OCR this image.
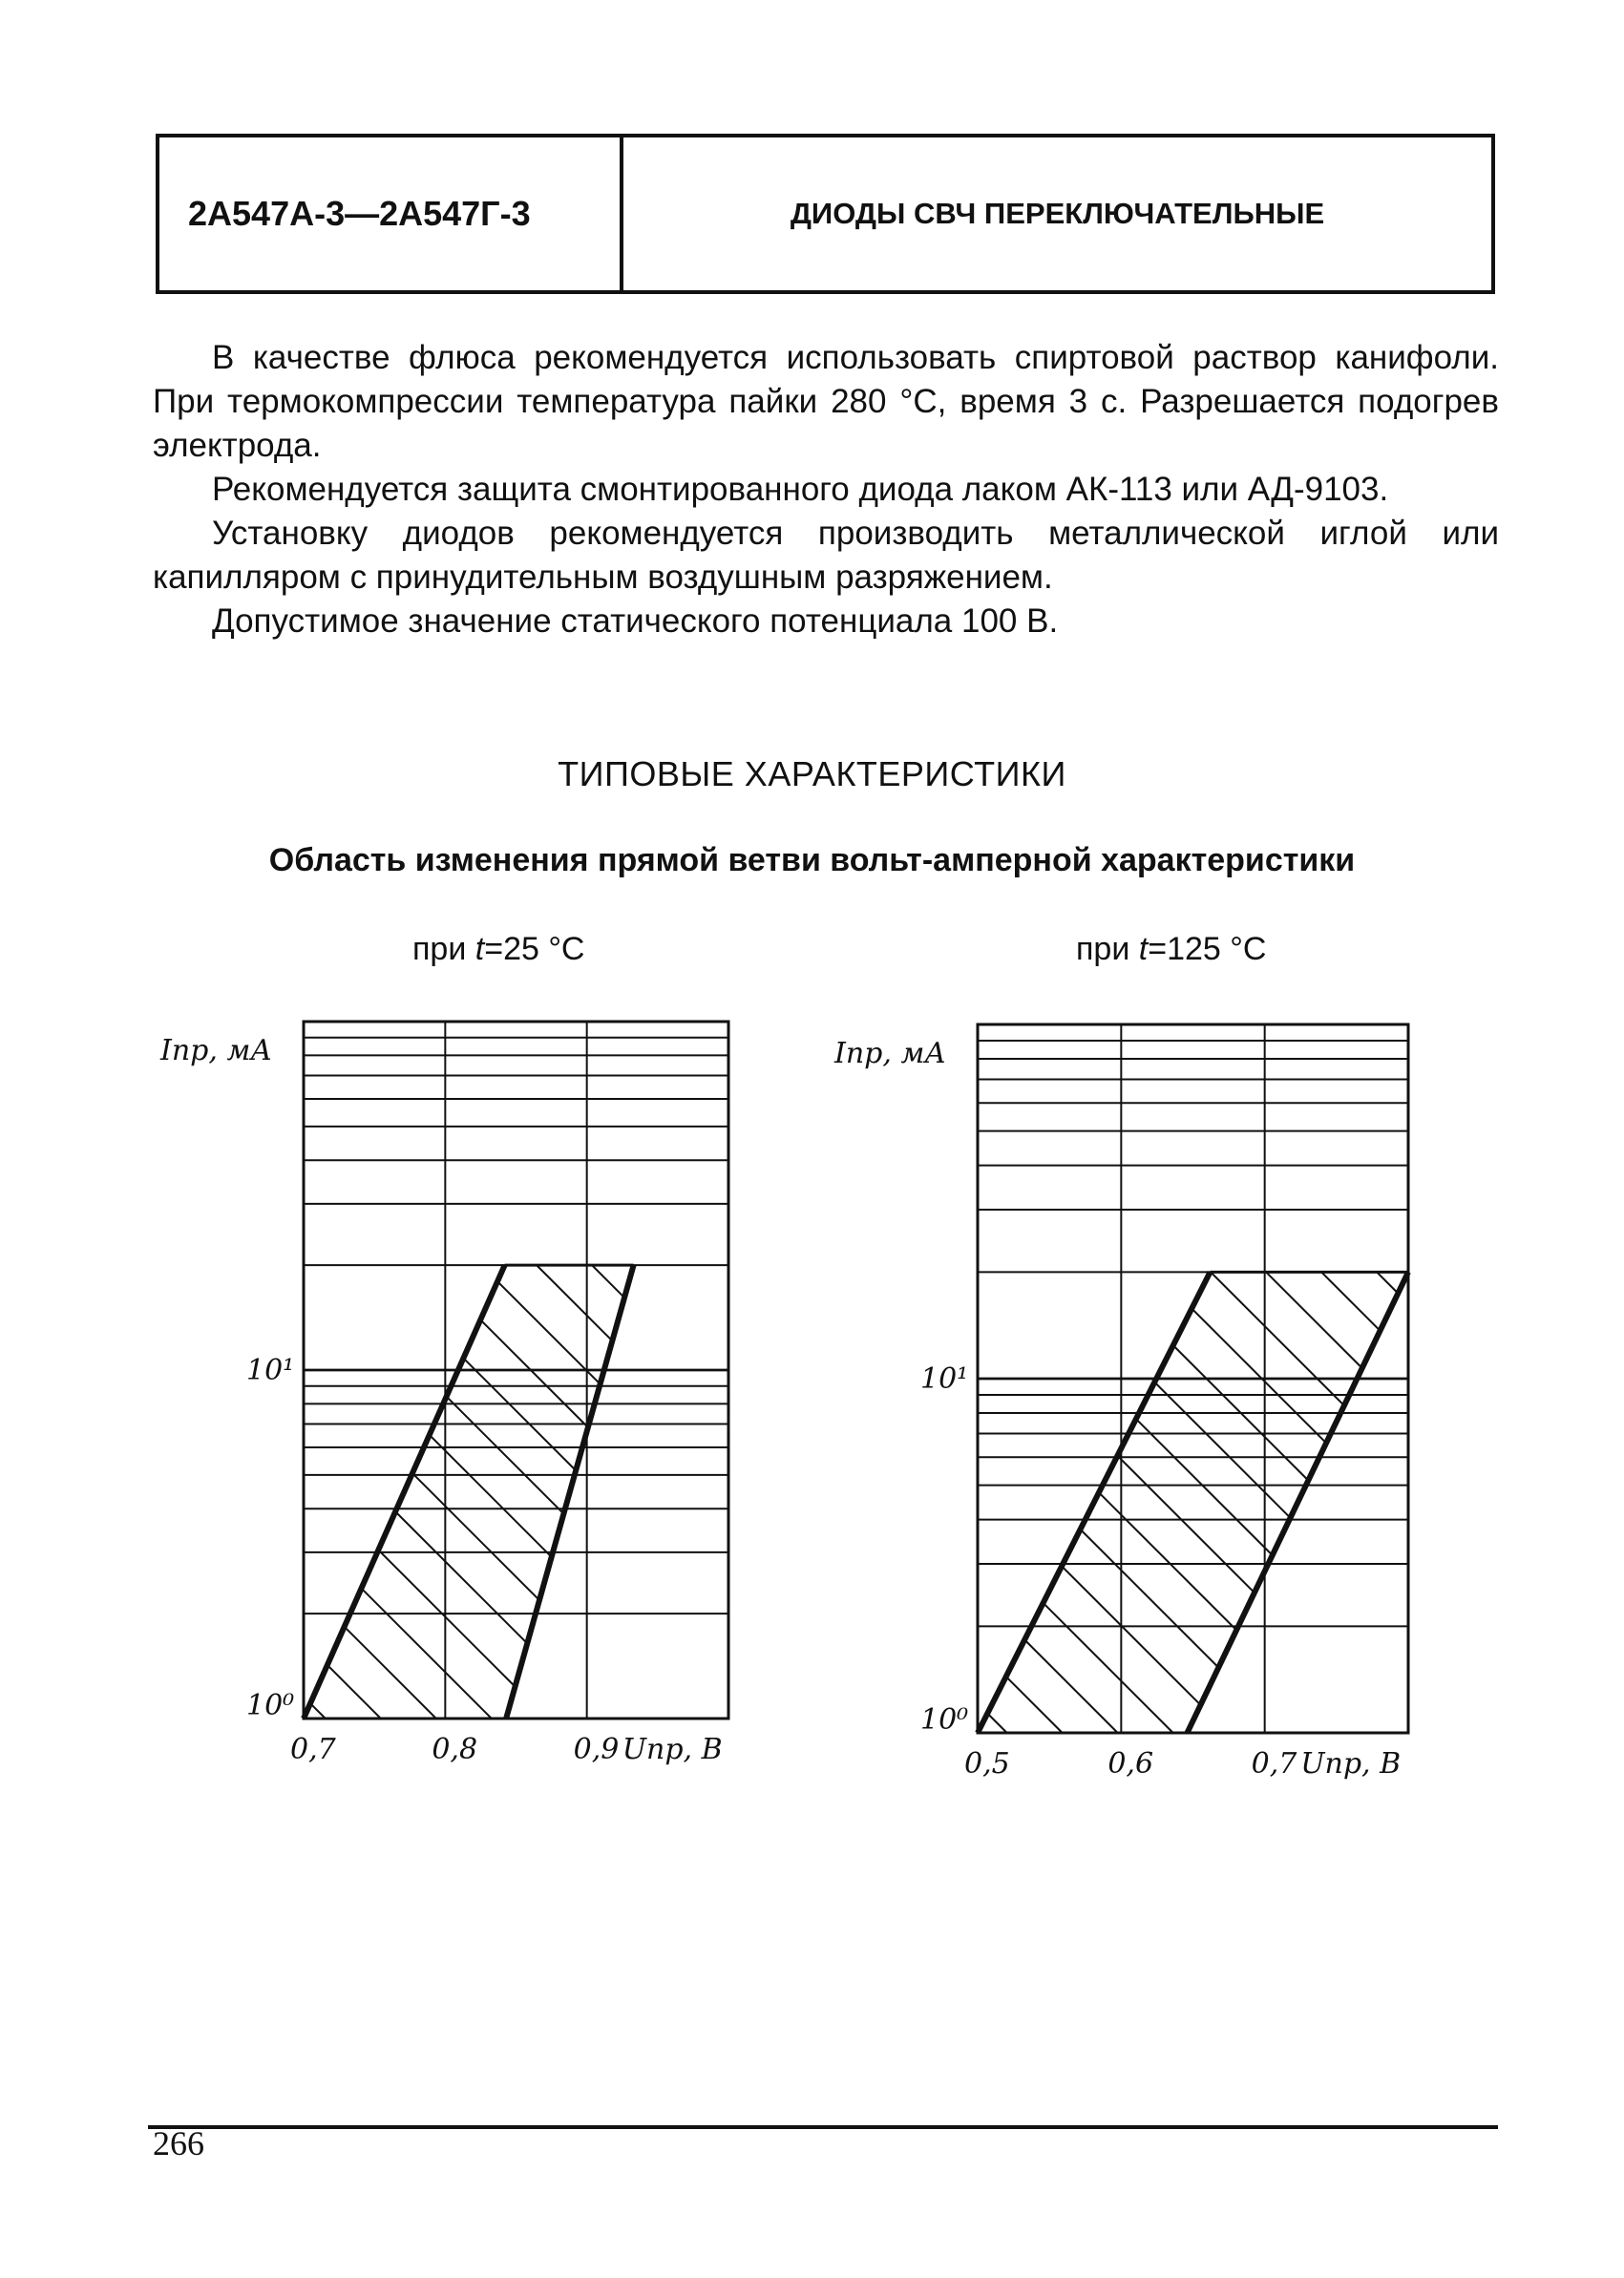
2А547А-3—2А547Г-3	ДИОДЫ СВЧ ПЕРЕКЛЮЧАТЕЛЬНЫЕ

В качестве флюса рекомендуется использовать спиртовой раствор канифоли. При термокомпрессии температура пайки 280 °С, время 3 с. Разрешается подогрев электрода.

Рекомендуется защита смонтированного диода лаком АК-113 или АД-9103.

Установку диодов рекомендуется производить металлической иглой или капилляром с принудительным воздушным разряжением.

Допустимое значение статического потенциала 100 В.

ТИПОВЫЕ ХАРАКТЕРИСТИКИ
Область изменения прямой ветви вольт-амперной характеристики
при t=25 °С	при t=125 °С
0,7	0,8	0,9 Uпр, В
10⁰
10¹
Iпр, мА
0,5	0,6	0,7 Uпр, В
10⁰
10¹
Iпр, мА
266
